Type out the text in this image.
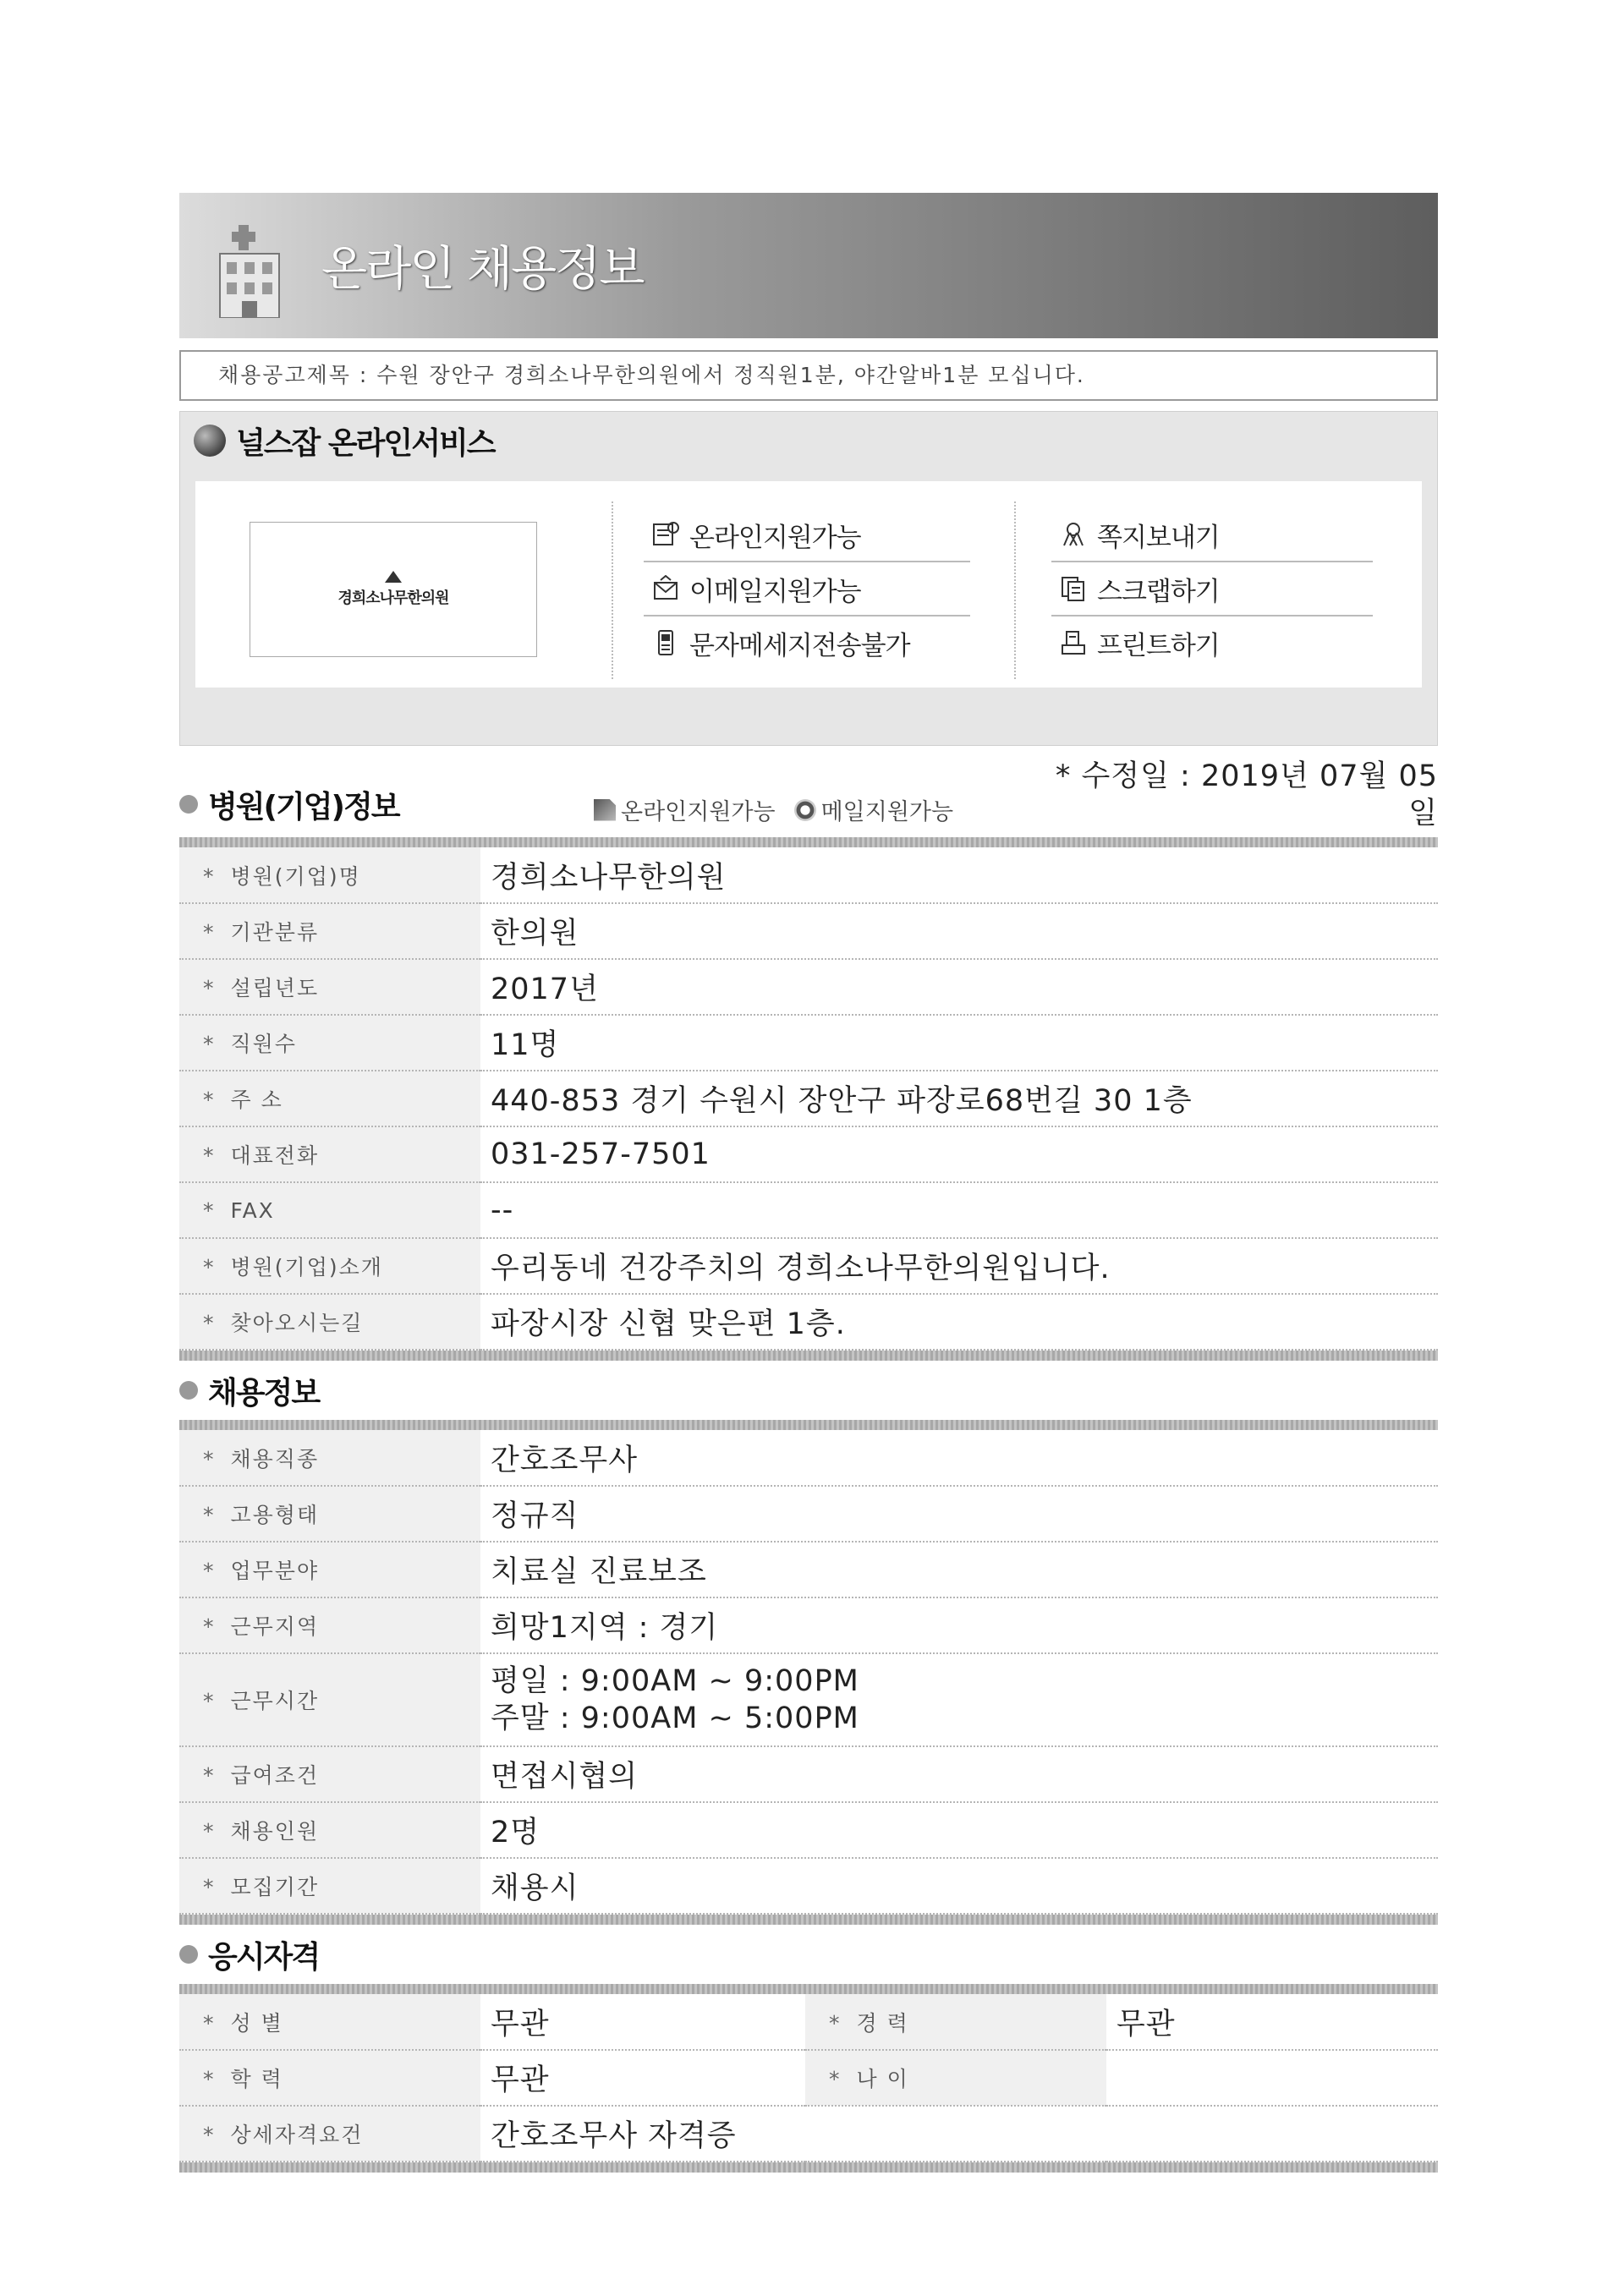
온라인 채용정보
채용공고제목 : 수원 장안구 경희소나무한의원에서 정직원1분, 야간알바1분 모십니다.
널스잡 온라인서비스
경희소나무한의원
온라인지원가능
이메일지원가능
문자메세지전송불가
쪽지보내기
스크랩하기
프린트하기
병원(기업)정보	온라인지원가능 메일지원가능
* 수정일 : 2019년 07월 05
일
* 병원(기업)명	경희소나무한의원
* 기관분류	한의원
* 설립년도	2017년
* 직원수	11명
* 주 소	440-853 경기 수원시 장안구 파장로68번길 30 1층
* 대표전화	031-257-7501
* FAX	--
* 병원(기업)소개	우리동네 건강주치의 경희소나무한의원입니다.
* 찾아오시는길	파장시장 신협 맞은편 1층.
채용정보
* 채용직종	간호조무사
* 고용형태	정규직
* 업무분야	치료실 진료보조
* 근무지역	희망1지역 : 경기
* 근무시간	평일 : 9:00AM ~ 9:00PM
주말 : 9:00AM ~ 5:00PM

* 급여조건	면접시협의
* 채용인원	2명
* 모집기간	채용시
응시자격
* 성 별	무관	* 경 력	무관
* 학 력	무관	* 나 이	
* 상세자격요건	간호조무사 자격증		
